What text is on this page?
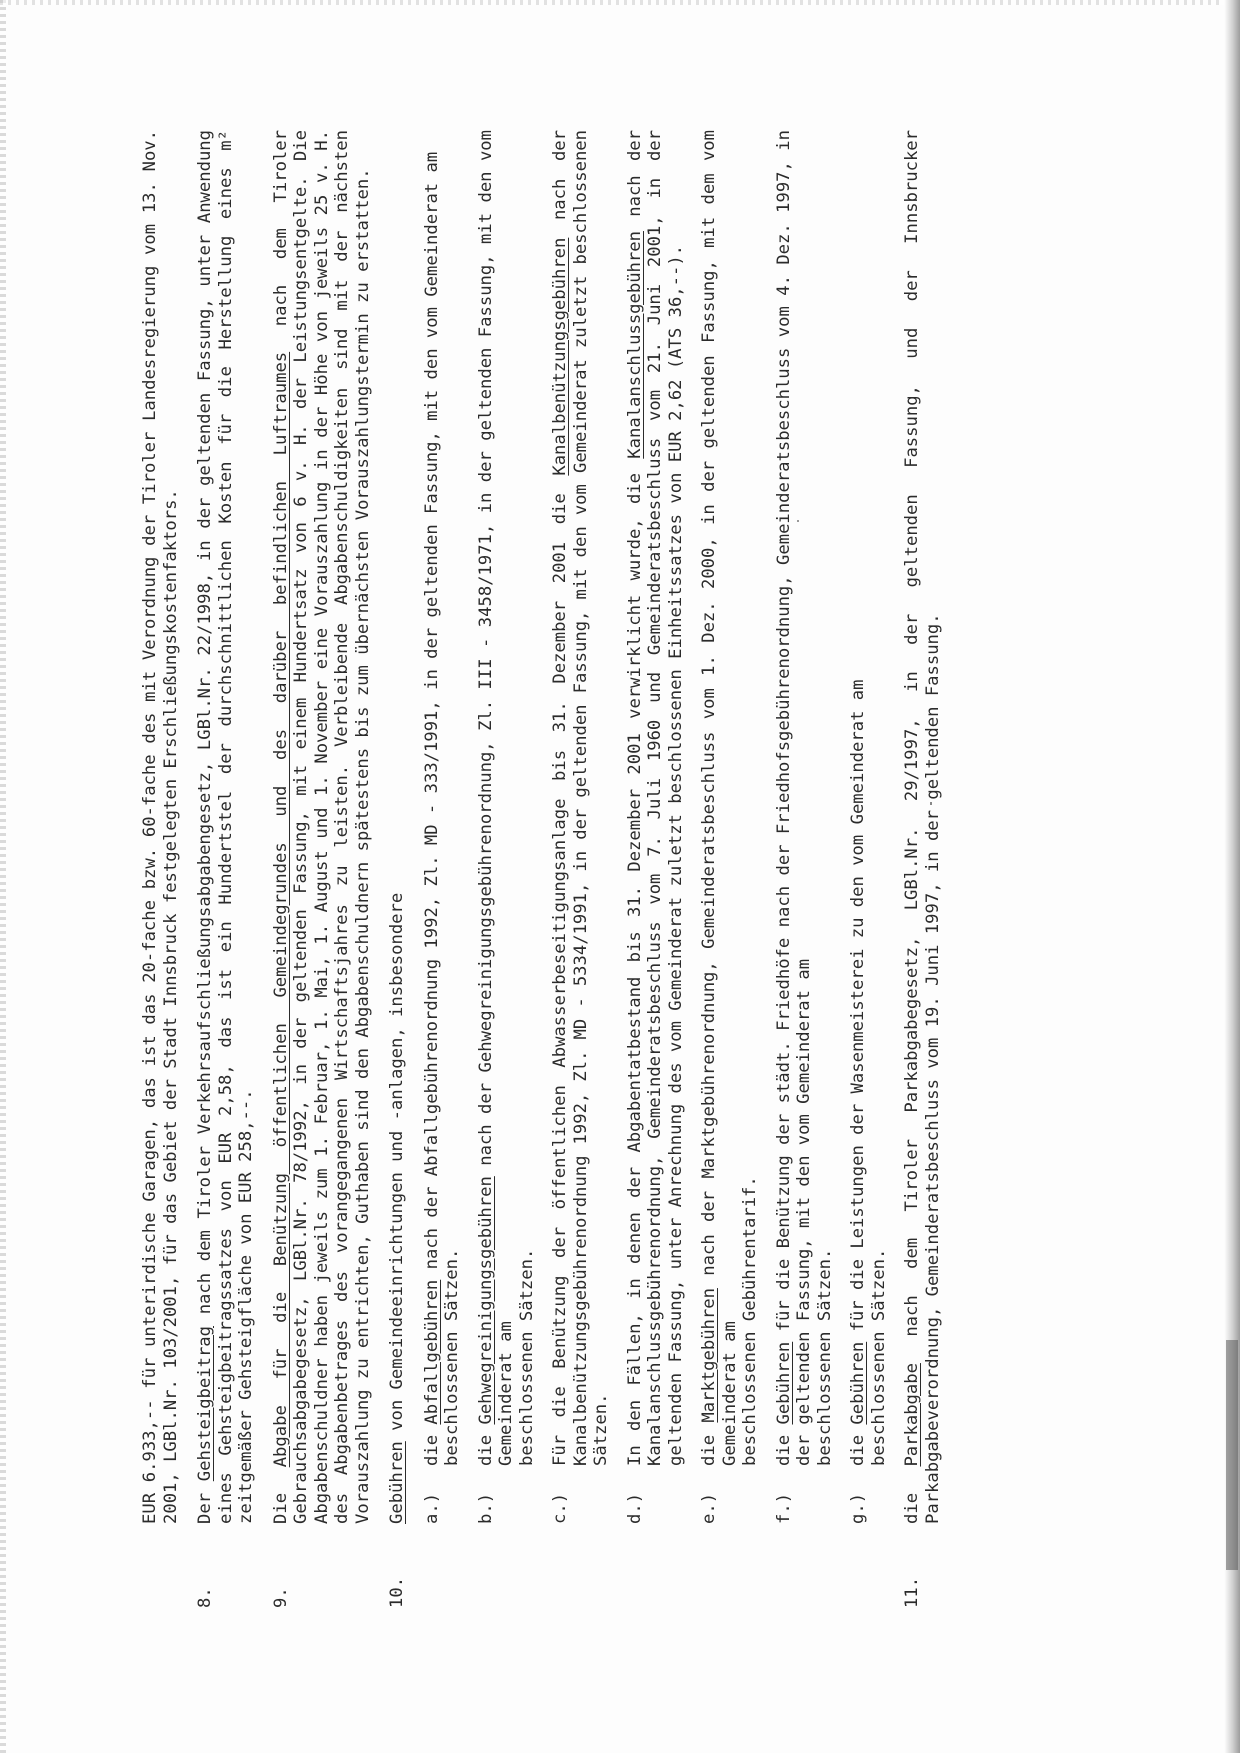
EUR 6.933,-- für unterirdische Garagen, das ist das 20-fache bzw. 60-fache des mit Verordnung der Tiroler Landesregierung vom 13. Nov. 2001, LGBl.Nr. 103/2001, für das Gebiet der Stadt Innsbruck festgelegten Erschließungskostenfaktors.
8.
Der Gehsteigbeitrag nach dem Tiroler Verkehrsaufschließungsabgabengesetz, LGBl.Nr. 22/1998, in der geltenden Fassung, unter Anwendung eines Gehsteigbeitragssatzes von EUR 2,58, das ist ein Hundertstel der durchschnittlichen Kosten für die Herstellung eines m² zeitgemäßer Gehsteigfläche von EUR 258,--.
9.
Die Abgabe für die Benützung öffentlichen Gemeindegrundes und des darüber befindlichen Luftraumes nach dem Tiroler Gebrauchsabgabegesetz, LGBl.Nr. 78/1992, in der geltenden Fassung, mit einem Hundertsatz von 6 v. H. der Leistungsentgelte. Die Abgabenschuldner haben jeweils zum 1. Februar, 1. Mai, 1. August und 1. November eine Vorauszahlung in der Höhe von jeweils 25 v. H. des Abgabenbetrages des vorangegangenen Wirtschaftsjahres zu leisten. Verbleibende Abgabenschuldigkeiten sind mit der nächsten Vorauszahlung zu entrichten, Guthaben sind den Abgabenschuldnern spätestens bis zum übernächsten Vorauszahlungstermin zu erstatten.
10.
Gebühren von Gemeindeeinrichtungen und -anlagen, insbesondere
a.)
die Abfallgebühren nach der Abfallgebührenordnung 1992, Zl. MD - 333/1991, in der geltenden Fassung, mit den vom Gemeinderat am
beschlossenen Sätzen.
b.)
die Gehwegreinigungsgebühren nach der Gehwegreinigungsgebührenordnung, Zl. III - 3458/1971, in der geltenden Fassung, mit den vom Gemeinderat am beschlossenen Sätzen.
c.)
Für die Benützung der öffentlichen Abwasserbeseitigungsanlage bis 31. Dezember 2001 die Kanalbenützungsgebühren nach der Kanalbenützungsgebührenordnung 1992, Zl. MD - 5334/1991, in der geltenden Fassung, mit den vom Gemeinderat zuletzt beschlossenen Sätzen.
d.)
In den Fällen, in denen der Abgabentatbestand bis 31. Dezember 2001 verwirklicht wurde, die Kanalanschlussgebühren nach der Kanalanschlussgebührenordnung, Gemeinderatsbeschluss vom 7. Juli 1960 und Gemeinderatsbeschluss vom 21. Juni 2001, in der geltenden Fassung, unter Anrechnung des vom Gemeinderat zuletzt beschlossenen Einheitssatzes von EUR 2,62 (ATS 36,--).
e.)
die Marktgebühren nach der Marktgebührenordnung, Gemeinderatsbeschluss vom 1. Dez. 2000, in der geltenden Fassung, mit dem vom Gemeinderat am beschlossenen Gebührentarif.
f.)
die Gebühren für die Benützung der städt. Friedhöfe nach der Friedhofsgebührenordnung, Gemeinderatsbeschluss vom 4. Dez. 1997, in der geltenden Fassung, mit den vom Gemeinderat am beschlossenen Sätzen.
g.)
die Gebühren für die Leistungen der Wasenmeisterei zu den vom Gemeinderat am
beschlossenen Sätzen.
11.
die Parkabgabe nach dem Tiroler Parkabgabegesetz, LGBl.Nr. 29/1997, in der geltenden Fassung, und der Innsbrucker Parkabgabeverordnung, Gemeinderatsbeschluss vom 19. Juni 1997, in der geltenden Fassung.
